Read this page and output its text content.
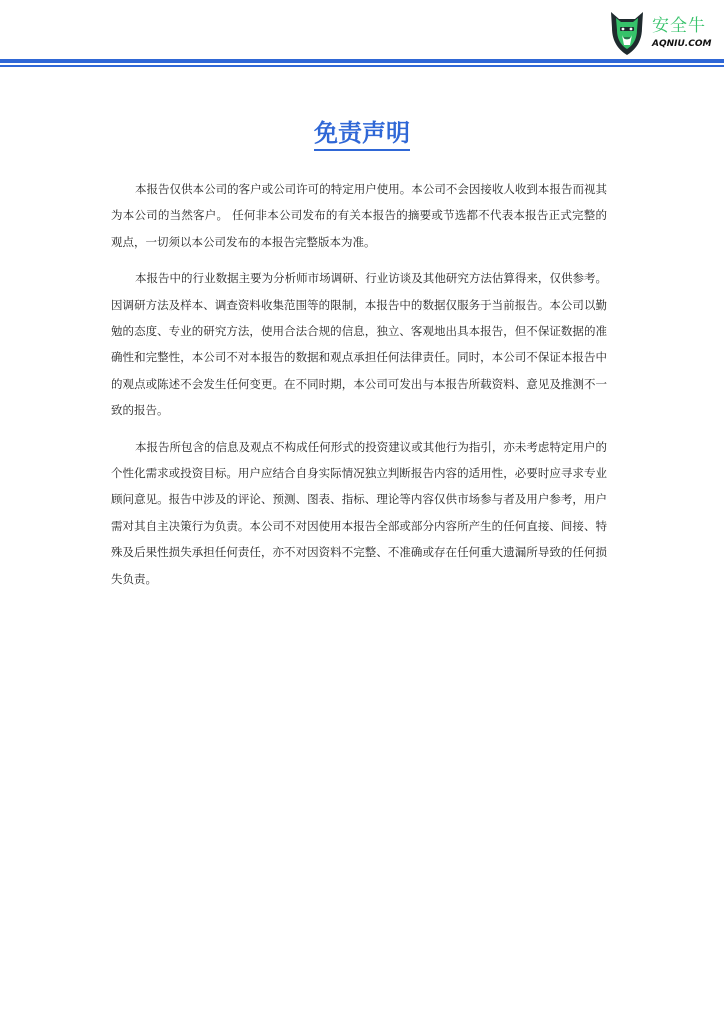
安全牛
AQNIU.COM
免责声明

本报告仅供本公司的客户或公司许可的特定用户使用。本公司不会因接收人收到本报告而视其为本公司的当然客户。 任何非本公司发布的有关本报告的摘要或节选都不代表本报告正式完整的观点，一切须以本公司发布的本报告完整版本为准。

本报告中的行业数据主要为分析师市场调研、行业访谈及其他研究方法估算得来，仅供参考。因调研方法及样本、调查资料收集范围等的限制，本报告中的数据仅服务于当前报告。本公司以勤勉的态度、专业的研究方法，使用合法合规的信息，独立、客观地出具本报告，但不保证数据的准确性和完整性，本公司不对本报告的数据和观点承担任何法律责任。同时，本公司不保证本报告中的观点或陈述不会发生任何变更。在不同时期，本公司可发出与本报告所载资料、意见及推测不一致的报告。

本报告所包含的信息及观点不构成任何形式的投资建议或其他行为指引，亦未考虑特定用户的个性化需求或投资目标。用户应结合自身实际情况独立判断报告内容的适用性，必要时应寻求专业顾问意见。报告中涉及的评论、预测、图表、指标、理论等内容仅供市场参与者及用户参考，用户需对其自主决策行为负责。本公司不对因使用本报告全部或部分内容所产生的任何直接、间接、特殊及后果性损失承担任何责任，亦不对因资料不完整、不准确或存在任何重大遗漏所导致的任何损失负责。
